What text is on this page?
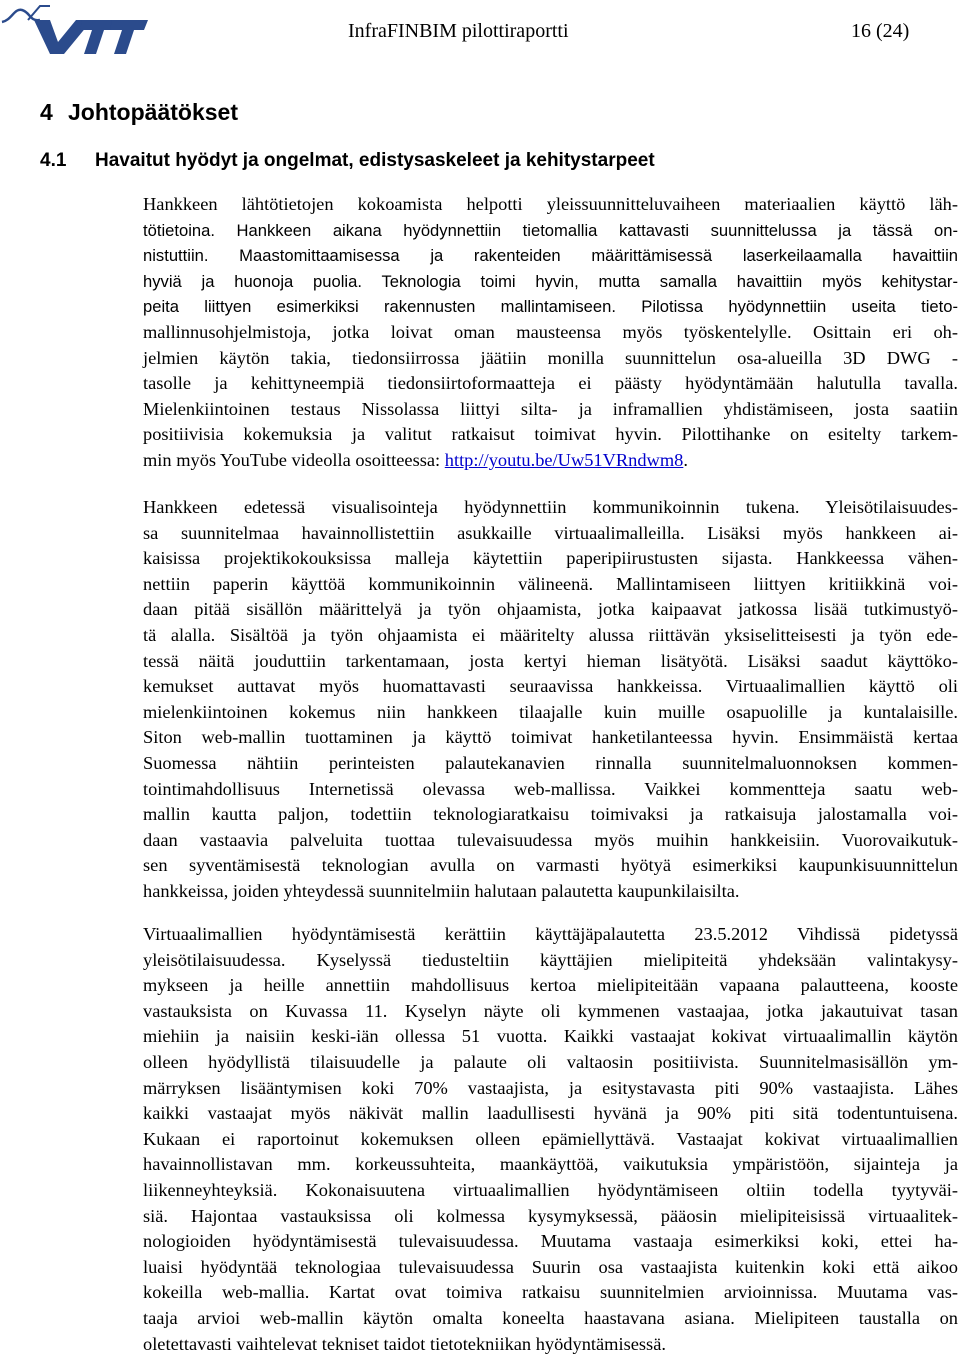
InfraFINBIM pilottiraportti	16 (24)
4 Johtopäätökset
4.1 Havaitut hyödyt ja ongelmat, edistysaskeleet ja kehitystarpeet
Hankkeen lähtötietojen kokoamista helpotti yleissuunnitteluvaiheen materiaalien käyttö läh-
tötietoina. Hankkeen aikana hyödynnettiin tietomallia kattavasti suunnittelussa ja tässä on-
nistuttiin. Maastomittaamisessa ja rakenteiden määrittämisessä laserkeilaamalla havaittiin
hyviä ja huonoja puolia. Teknologia toimi hyvin, mutta samalla havaittiin myös kehitystar-
peita liittyen esimerkiksi rakennusten mallintamiseen. Pilotissa hyödynnettiin useita tieto-
mallinnusohjelmistoja, jotka loivat oman mausteensa myös työskentelylle. Osittain eri oh-
jelmien käytön takia, tiedonsiirrossa jäätiin monilla suunnittelun osa-alueilla 3D DWG -
tasolle ja kehittyneempiä tiedonsiirtoformaatteja ei päästy hyödyntämään halutulla tavalla.
Mielenkiintoinen testaus Nissolassa liittyi silta- ja inframallien yhdistämiseen, josta saatiin
positiivisia kokemuksia ja valitut ratkaisut toimivat hyvin. Pilottihanke on esitelty tarkem-
min myös YouTube videolla osoitteessa: http://youtu.be/Uw51VRndwm8.
Hankkeen edetessä visualisointeja hyödynnettiin kommunikoinnin tukena. Yleisötilaisuudes-
sa suunnitelmaa havainnollistettiin asukkaille virtuaalimalleilla. Lisäksi myös hankkeen ai-
kaisissa projektikokouksissa malleja käytettiin paperipiirustusten sijasta. Hankkeessa vähen-
nettiin paperin käyttöä kommunikoinnin välineenä. Mallintamiseen liittyen kritiikkinä voi-
daan pitää sisällön määrittelyä ja työn ohjaamista, jotka kaipaavat jatkossa lisää tutkimustyö-
tä alalla. Sisältöä ja työn ohjaamista ei määritelty alussa riittävän yksiselitteisesti ja työn ede-
tessä näitä jouduttiin tarkentamaan, josta kertyi hieman lisätyötä. Lisäksi saadut käyttöko-
kemukset auttavat myös huomattavasti seuraavissa hankkeissa. Virtuaalimallien käyttö oli
mielenkiintoinen kokemus niin hankkeen tilaajalle kuin muille osapuolille ja kuntalaisille.
Siton web-mallin tuottaminen ja käyttö toimivat hanketilanteessa hyvin. Ensimmäistä kertaa
Suomessa nähtiin perinteisten palautekanavien rinnalla suunnitelmaluonnoksen kommen-
tointimahdollisuus Internetissä olevassa web-mallissa. Vaikkei kommentteja saatu web-
mallin kautta paljon, todettiin teknologiaratkaisu toimivaksi ja ratkaisuja jalostamalla voi-
daan vastaavia palveluita tuottaa tulevaisuudessa myös muihin hankkeisiin. Vuorovaikutuk-
sen syventämisestä teknologian avulla on varmasti hyötyä esimerkiksi kaupunkisuunnittelun
hankkeissa, joiden yhteydessä suunnitelmiin halutaan palautetta kaupunkilaisilta.
Virtuaalimallien hyödyntämisestä kerättiin käyttäjäpalautetta 23.5.2012 Vihdissä pidetyssä
yleisötilaisuudessa. Kyselyssä tiedusteltiin käyttäjien mielipiteitä yhdeksään valintakysy-
mykseen ja heille annettiin mahdollisuus kertoa mielipiteitään vapaana palautteena, kooste
vastauksista on Kuvassa 11. Kyselyn näyte oli kymmenen vastaajaa, jotka jakautuivat tasan
miehiin ja naisiin keski-iän ollessa 51 vuotta. Kaikki vastaajat kokivat virtuaalimallin käytön
olleen hyödyllistä tilaisuudelle ja palaute oli valtaosin positiivista. Suunnitelmasisällön ym-
märryksen lisääntymisen koki 70% vastaajista, ja esitystavasta piti 90% vastaajista. Lähes
kaikki vastaajat myös näkivät mallin laadullisesti hyvänä ja 90% piti sitä todentuntuisena.
Kukaan ei raportoinut kokemuksen olleen epämiellyttävä. Vastaajat kokivat virtuaalimallien
havainnollistavan mm. korkeussuhteita, maankäyttöä, vaikutuksia ympäristöön, sijainteja ja
liikenneyhteyksiä. Kokonaisuutena virtuaalimallien hyödyntämiseen oltiin todella tyytyväi-
siä. Hajontaa vastauksissa oli kolmessa kysymyksessä, pääosin mielipiteisissä virtuaalitek-
nologioiden hyödyntämisestä tulevaisuudessa. Muutama vastaaja esimerkiksi koki, ettei ha-
luaisi hyödyntää teknologiaa tulevaisuudessa Suurin osa vastaajista kuitenkin koki että aikoo
kokeilla web-mallia. Kartat ovat toimiva ratkaisu suunnitelmien arvioinnissa. Muutama vas-
taaja arvioi web-mallin käytön omalta koneelta haastavana asiana. Mielipiteen taustalla on
oletettavasti vaihtelevat tekniset taidot tietotekniikan hyödyntämisessä.
